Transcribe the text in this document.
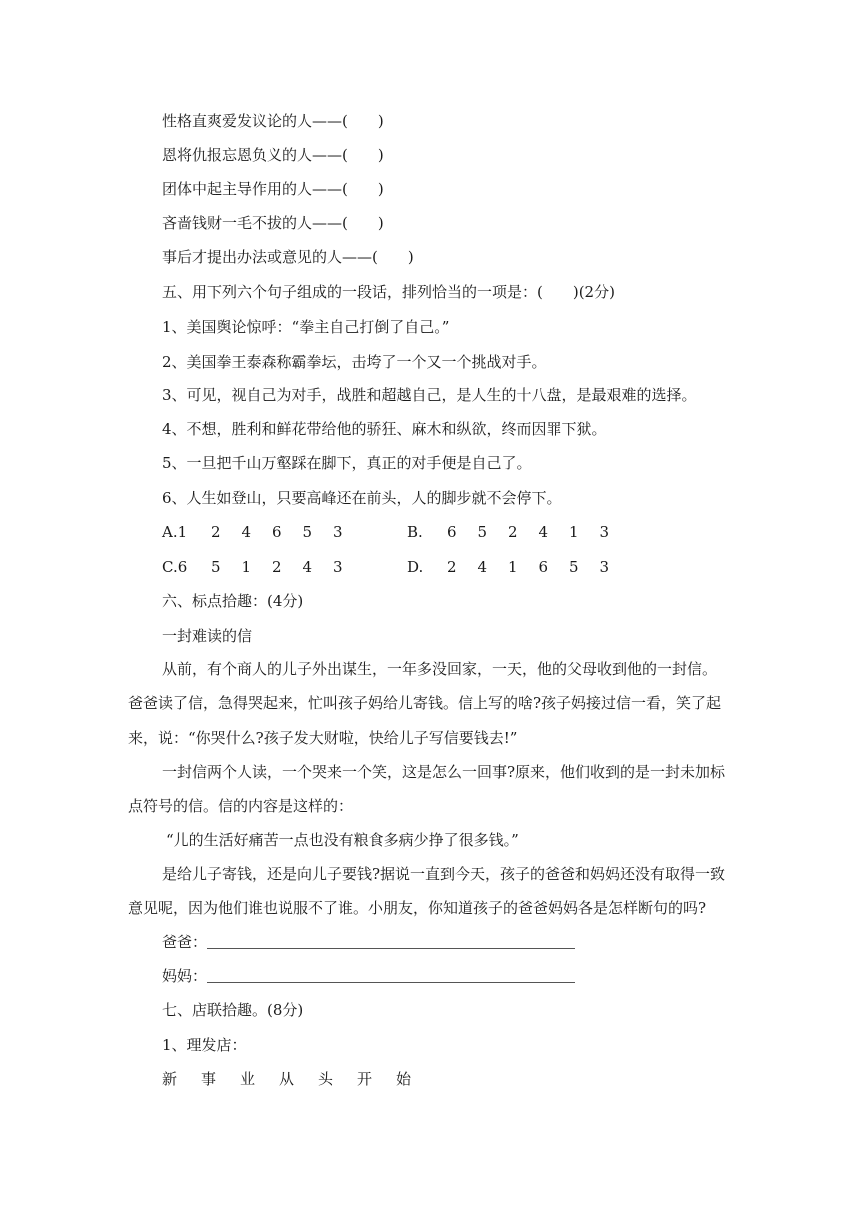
性格直爽爱发议论的人——(　　)
恩将仇报忘恩负义的人——(　　)
团体中起主导作用的人——(　　)
吝啬钱财一毛不拔的人——(　　)
事后才提出办法或意见的人——(　　)
五、用下列六个句子组成的一段话，排列恰当的一项是：(　　)(2分)
1、美国舆论惊呼：“拳主自己打倒了自己。”
2、美国拳王泰森称霸拳坛，击垮了一个又一个挑战对手。
3、可见，视自己为对手，战胜和超越自己，是人生的十八盘，是最艰难的选择。
4、不想，胜利和鲜花带给他的骄狂、麻木和纵欲，终而因罪下狱。
5、一旦把千山万壑踩在脚下，真正的对手便是自己了。
6、人生如登山，只要高峰还在前头，人的脚步就不会停下。
A.1 2 4 6 5 3	B. 6 5 2 4 1 3
C.6 5 1 2 4 3	D. 2 4 1 6 5 3
六、标点拾趣：(4分)
一封难读的信
从前，有个商人的儿子外出谋生，一年多没回家，一天，他的父母收到他的一封信。
爸爸读了信，急得哭起来，忙叫孩子妈给儿寄钱。信上写的啥?孩子妈接过信一看，笑了起
来，说：“你哭什么?孩子发大财啦，快给儿子写信要钱去!”
一封信两个人读，一个哭来一个笑，这是怎么一回事?原来，他们收到的是一封未加标
点符号的信。信的内容是这样的：
“儿的生活好痛苦一点也没有粮食多病少挣了很多钱。”
是给儿子寄钱，还是向儿子要钱?据说一直到今天，孩子的爸爸和妈妈还没有取得一致
意见呢，因为他们谁也说服不了谁。小朋友，你知道孩子的爸爸妈妈各是怎样断句的吗?
爸爸：
妈妈：
七、店联拾趣。(8分)
1、理发店：
新 事 业 从 头 开 始
